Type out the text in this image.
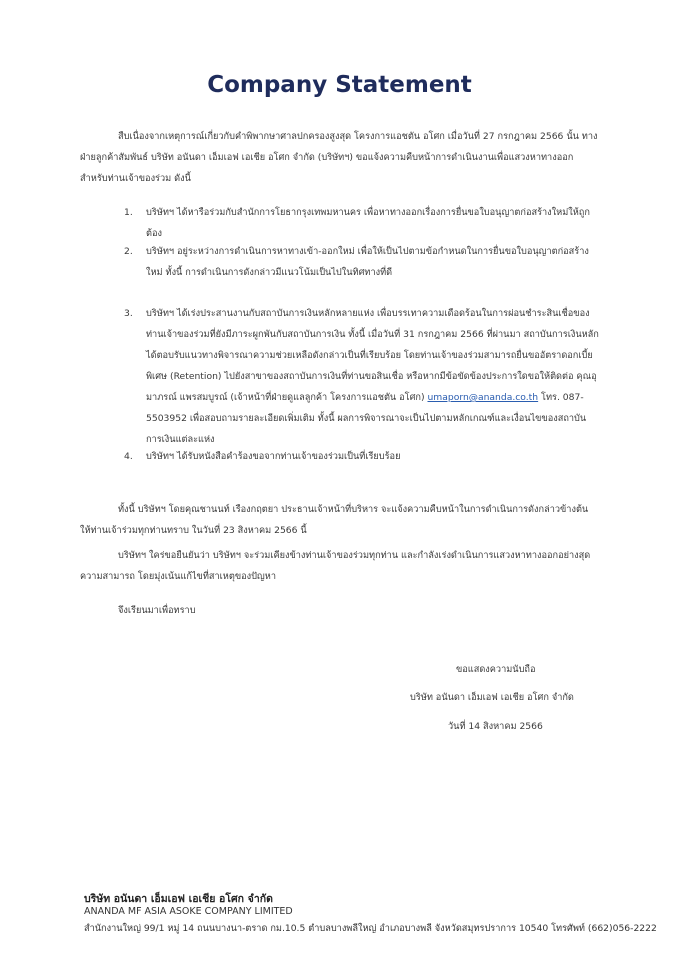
Company Statement
สืบเนื่องจากเหตุการณ์เกี่ยวกับคำพิพากษาศาลปกครองสูงสุด โครงการแอชตัน อโศก เมื่อวันที่ 27 กรกฎาคม 2566 นั้น ทางฝ่ายลูกค้าสัมพันธ์ บริษัท อนันดา เอ็มเอฟ เอเชีย อโศก จำกัด (บริษัทฯ) ขอแจ้งความคืบหน้าการดำเนินงานเพื่อแสวงหาทางออกสำหรับท่านเจ้าของร่วม ดังนี้
1. บริษัทฯ ได้หารือร่วมกับสำนักการโยธากรุงเทพมหานคร เพื่อหาทางออกเรื่องการยื่นขอใบอนุญาตก่อสร้างใหม่ให้ถูกต้อง
2. บริษัทฯ อยู่ระหว่างการดำเนินการหาทางเข้า-ออกใหม่ เพื่อให้เป็นไปตามข้อกำหนดในการยื่นขอใบอนุญาตก่อสร้างใหม่ ทั้งนี้ การดำเนินการดังกล่าวมีแนวโน้มเป็นไปในทิศทางที่ดี
3. บริษัทฯ ได้เร่งประสานงานกับสถาบันการเงินหลักหลายแห่ง เพื่อบรรเทาความเดือดร้อนในการผ่อนชำระสินเชื่อของท่านเจ้าของร่วมที่ยังมีภาระผูกพันกับสถาบันการเงิน ทั้งนี้ เมื่อวันที่ 31 กรกฎาคม 2566 ที่ผ่านมา สถาบันการเงินหลักได้ตอบรับแนวทางพิจารณาความช่วยเหลือดังกล่าวเป็นที่เรียบร้อย โดยท่านเจ้าของร่วมสามารถยื่นขออัตราดอกเบี้ยพิเศษ (Retention) ไปยังสาขาของสถาบันการเงินที่ท่านขอสินเชื่อ หรือหากมีข้อขัดข้องประการใดขอให้ติดต่อ คุณอุมาภรณ์ แพรสมบูรณ์ (เจ้าหน้าที่ฝ่ายดูแลลูกค้า โครงการแอชตัน อโศก) umaporn@ananda.co.th โทร. 087-5503952 เพื่อสอบถามรายละเอียดเพิ่มเติม ทั้งนี้ ผลการพิจารณาจะเป็นไปตามหลักเกณฑ์และเงื่อนไขของสถาบันการเงินแต่ละแห่ง
4. บริษัทฯ ได้รับหนังสือคำร้องขอจากท่านเจ้าของร่วมเป็นที่เรียบร้อย
ทั้งนี้ บริษัทฯ โดยคุณชานนท์ เรืองกฤตยา ประธานเจ้าหน้าที่บริหาร จะแจ้งความคืบหน้าในการดำเนินการดังกล่าวข้างต้น ให้ท่านเจ้าร่วมทุกท่านทราบ ในวันที่ 23 สิงหาคม 2566 นี้
บริษัทฯ ใคร่ขอยืนยันว่า บริษัทฯ จะร่วมเคียงข้างท่านเจ้าของร่วมทุกท่าน และกำลังเร่งดำเนินการแสวงหาทางออกอย่างสุดความสามารถ โดยมุ่งเน้นแก้ไขที่สาเหตุของปัญหา
จึงเรียนมาเพื่อทราบ
ขอแสดงความนับถือ
บริษัท อนันดา เอ็มเอฟ เอเชีย อโศก จำกัด
วันที่ 14 สิงหาคม 2566
บริษัท อนันดา เอ็มเอฟ เอเชีย อโศก จำกัด
ANANDA MF ASIA ASOKE COMPANY LIMITED
สำนักงานใหญ่ 99/1 หมู่ 14 ถนนบางนา-ตราด กม.10.5 ตำบลบางพลีใหญ่ อำเภอบางพลี จังหวัดสมุทรปราการ 10540 โทรศัพท์ (662)056-2222
